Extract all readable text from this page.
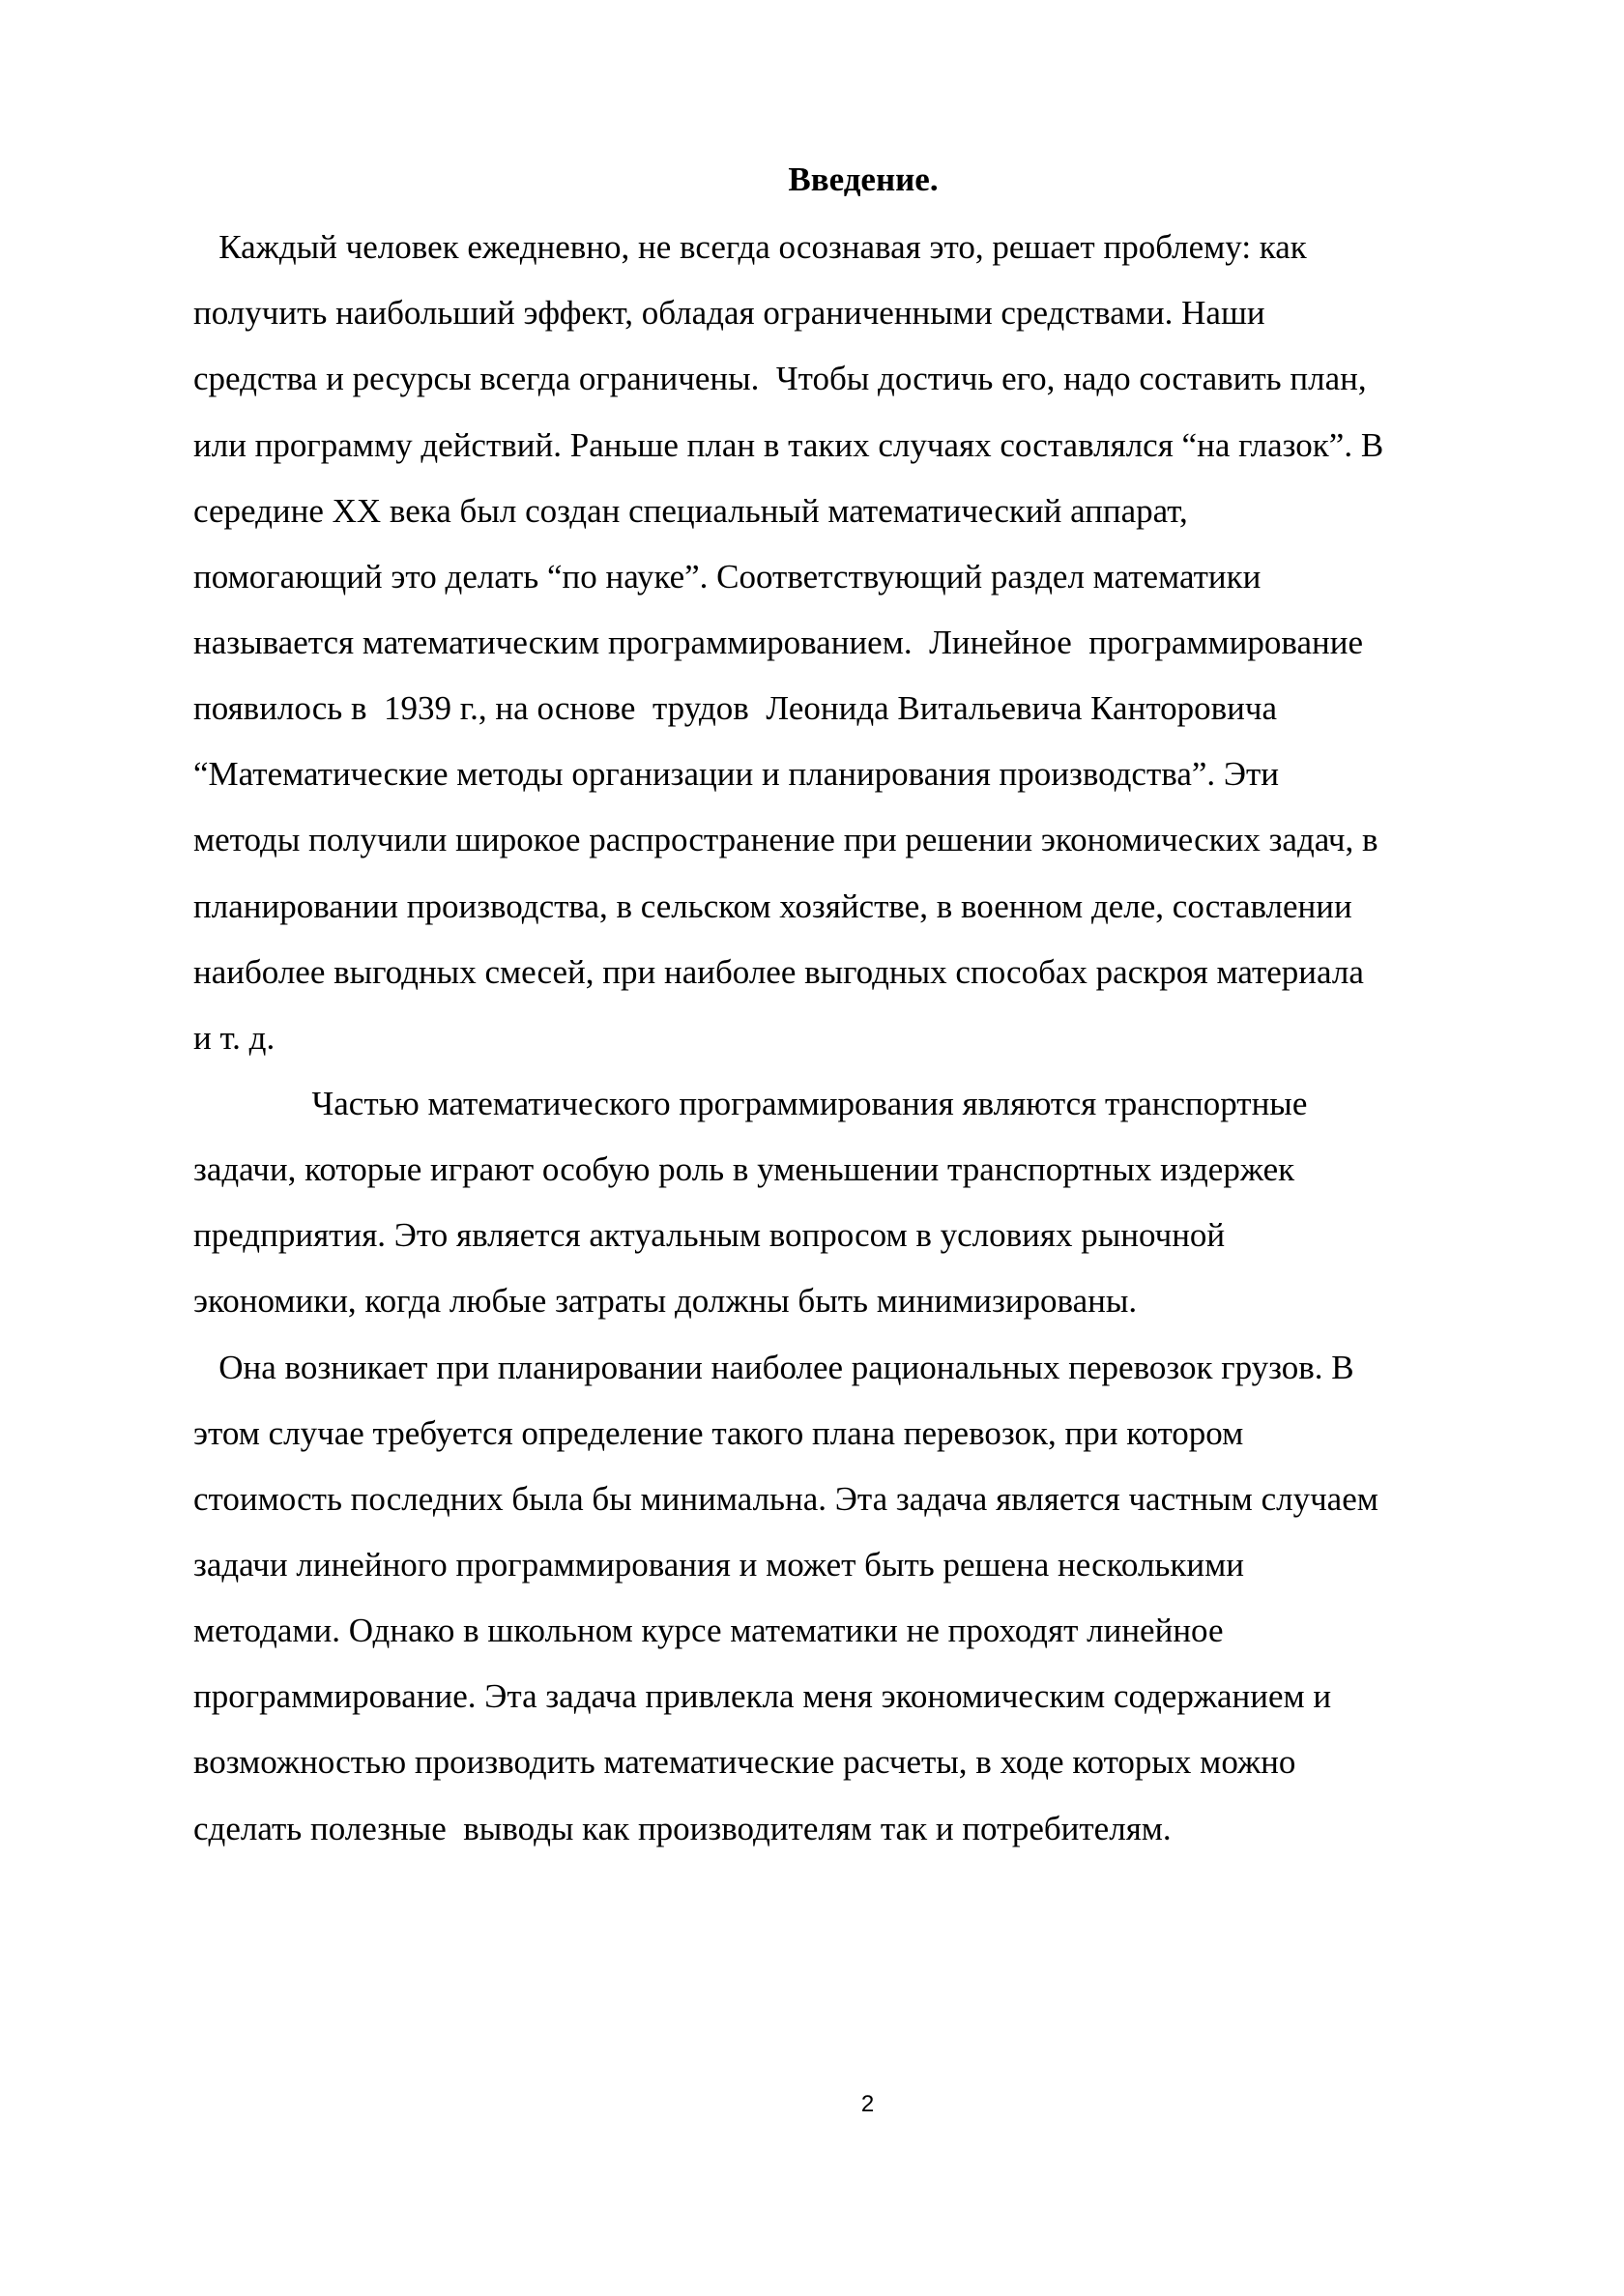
Введение.
Каждый человек ежедневно, не всегда осознавая это, решает проблему: как
получить наибольший эффект, обладая ограниченными средствами. Наши
средства и ресурсы всегда ограничены.  Чтобы достичь его, надо составить план,
или программу действий. Раньше план в таких случаях составлялся “на глазок”. В
середине XX века был создан специальный математический аппарат,
помогающий это делать “по науке”. Соответствующий раздел математики
называется математическим программированием.  Линейное  программирование
появилось в  1939 г., на основе  трудов  Леонида Витальевича Канторовича
“Математические методы организации и планирования производства”. Эти
методы получили широкое распространение при решении экономических задач, в
планировании производства, в сельском хозяйстве, в военном деле, составлении
наиболее выгодных смесей, при наиболее выгодных способах раскроя материала
и т. д.
Частью математического программирования являются транспортные
задачи, которые играют особую роль в уменьшении транспортных издержек
предприятия. Это является актуальным вопросом в условиях рыночной
экономики, когда любые затраты должны быть минимизированы.
Она возникает при планировании наиболее рациональных перевозок грузов. В
этом случае требуется определение такого плана перевозок, при котором
стоимость последних была бы минимальна. Эта задача является частным случаем
задачи линейного программирования и может быть решена несколькими
методами. Однако в школьном курсе математики не проходят линейное
программирование. Эта задача привлекла меня экономическим содержанием и
возможностью производить математические расчеты, в ходе которых можно
сделать полезные  выводы как производителям так и потребителям.
2
